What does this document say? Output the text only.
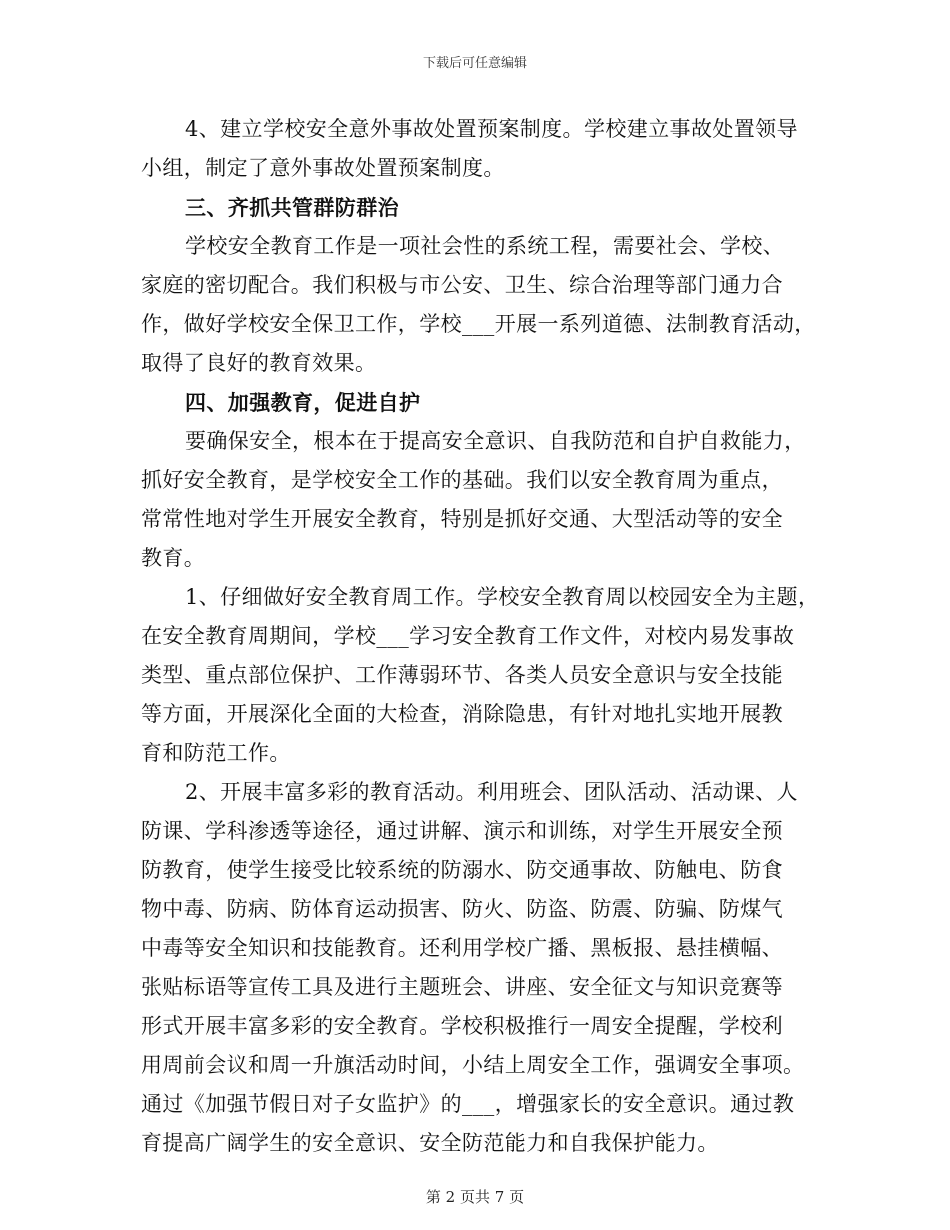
下载后可任意编辑
4、建立学校安全意外事故处置预案制度。学校建立事故处置领导
小组，制定了意外事故处置预案制度。
三、齐抓共管群防群治
学校安全教育工作是一项社会性的系统工程，需要社会、学校、
家庭的密切配合。我们积极与市公安、卫生、综合治理等部门通力合
作，做好学校安全保卫工作，学校___开展一系列道德、法制教育活动，
取得了良好的教育效果。
四、加强教育，促进自护
要确保安全，根本在于提高安全意识、自我防范和自护自救能力，
抓好安全教育，是学校安全工作的基础。我们以安全教育周为重点，
常常性地对学生开展安全教育，特别是抓好交通、大型活动等的安全
教育。
1、仔细做好安全教育周工作。学校安全教育周以校园安全为主题，
在安全教育周期间，学校___学习安全教育工作文件，对校内易发事故
类型、重点部位保护、工作薄弱环节、各类人员安全意识与安全技能
等方面，开展深化全面的大检查，消除隐患，有针对地扎实地开展教
育和防范工作。
2、开展丰富多彩的教育活动。利用班会、团队活动、活动课、人
防课、学科渗透等途径，通过讲解、演示和训练，对学生开展安全预
防教育，使学生接受比较系统的防溺水、防交通事故、防触电、防食
物中毒、防病、防体育运动损害、防火、防盗、防震、防骗、防煤气
中毒等安全知识和技能教育。还利用学校广播、黑板报、悬挂横幅、
张贴标语等宣传工具及进行主题班会、讲座、安全征文与知识竞赛等
形式开展丰富多彩的安全教育。学校积极推行一周安全提醒，学校利
用周前会议和周一升旗活动时间，小结上周安全工作，强调安全事项。
通过《加强节假日对子女监护》的___，增强家长的安全意识。通过教
育提高广阔学生的安全意识、安全防范能力和自我保护能力。
第 2 页共 7 页
